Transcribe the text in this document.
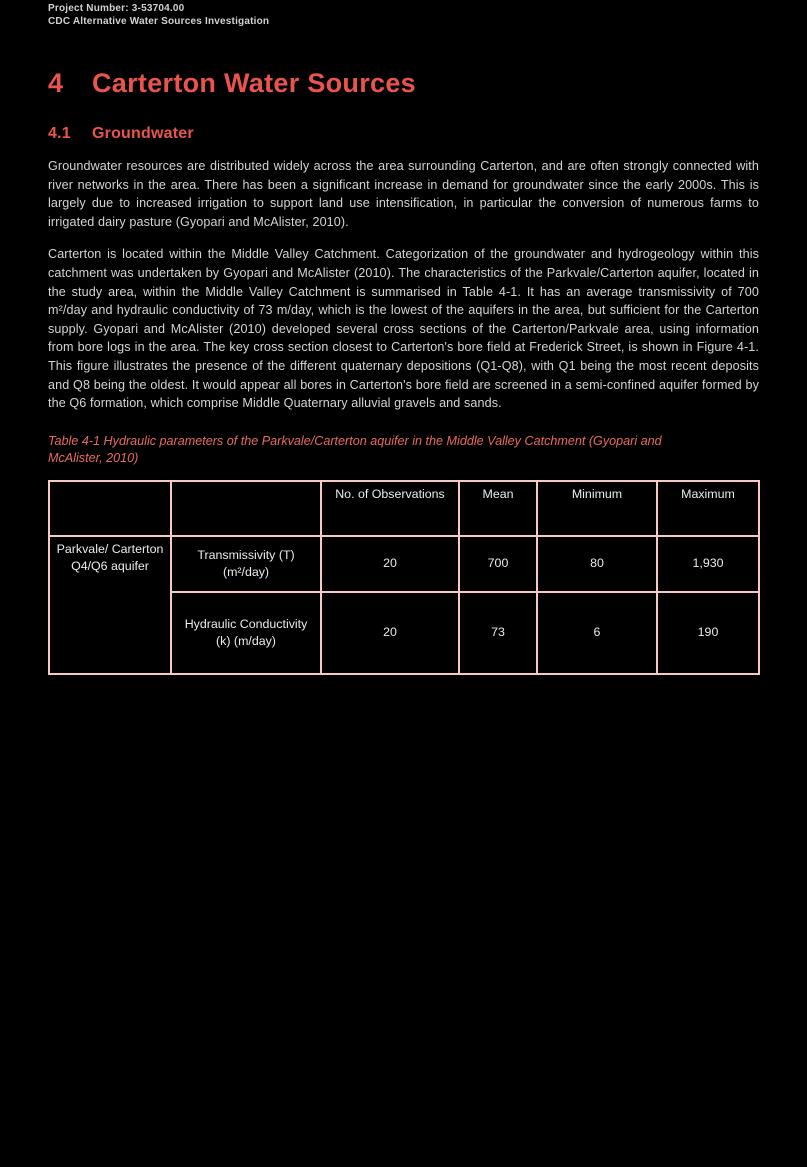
Project Number: 3-53704.00
CDC Alternative Water Sources Investigation
4	Carterton Water Sources
4.1	Groundwater

Groundwater resources are distributed widely across the area surrounding Carterton, and are often strongly connected with river networks in the area. There has been a significant increase in demand for groundwater since the early 2000s. This is largely due to increased irrigation to support land use intensification, in particular the conversion of numerous farms to irrigated dairy pasture (Gyopari and McAlister, 2010).

Carterton is located within the Middle Valley Catchment. Categorization of the groundwater and hydrogeology within this catchment was undertaken by Gyopari and McAlister (2010). The characteristics of the Parkvale/Carterton aquifer, located in the study area, within the Middle Valley Catchment is summarised in Table 4-1. It has an average transmissivity of 700 m²/day and hydraulic conductivity of 73 m/day, which is the lowest of the aquifers in the area, but sufficient for the Carterton supply. Gyopari and McAlister (2010) developed several cross sections of the Carterton/Parkvale area, using information from bore logs in the area. The key cross section closest to Carterton's bore field at Frederick Street, is shown in Figure 4-1. This figure illustrates the presence of the different quaternary depositions (Q1-Q8), with Q1 being the most recent deposits and Q8 being the oldest. It would appear all bores in Carterton's bore field are screened in a semi-confined aquifer formed by the Q6 formation, which comprise Middle Quaternary alluvial gravels and sands.

Table 4-1 Hydraulic parameters of the Parkvale/Carterton aquifer in the Middle Valley Catchment (Gyopari and McAlister, 2010)
		No. of Observations	Mean	Minimum	Maximum
Parkvale/ Carterton Q4/Q6 aquifer	Transmissivity (T) (m²/day)	20	700	80	1,930
	Hydraulic Conductivity (k) (m/day)	20	73	6	190
